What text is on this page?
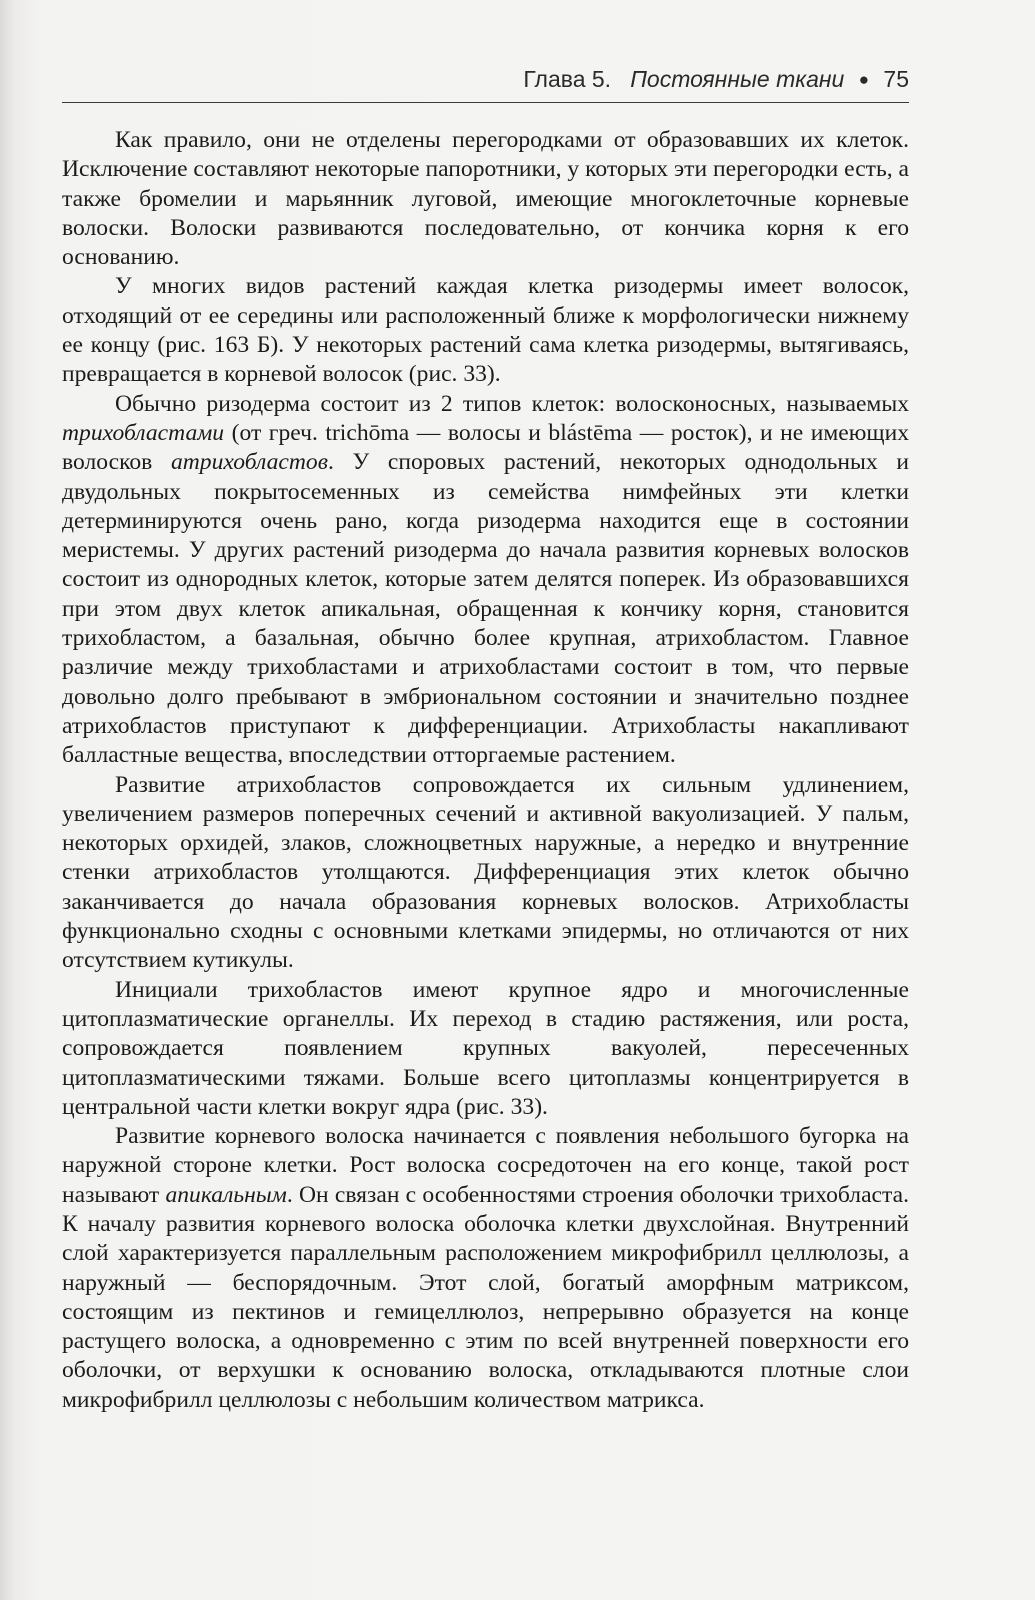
Глава 5. Постоянные ткани ● 75

Как правило, они не отделены перегородками от образовавших их клеток. Исключение составляют некоторые папоротники, у которых эти перегородки есть, а также бромелии и марьянник луговой, имеющие многоклеточные корневые волоски. Волоски развиваются последовательно, от кончика корня к его основанию.

У многих видов растений каждая клетка ризодермы имеет волосок, отходящий от ее середины или расположенный ближе к морфологически нижнему ее концу (рис. 163 Б). У некоторых растений сама клетка ризодермы, вытягиваясь, превращается в корневой волосок (рис. 33).

Обычно ризодерма состоит из 2 типов клеток: волосконосных, называемых трихобластами (от греч. trichōma — волосы и blástēma — росток), и не имеющих волосков атрихобластов. У споровых растений, некоторых однодольных и двудольных покрытосеменных из семейства нимфейных эти клетки детерминируются очень рано, когда ризодерма находится еще в состоянии меристемы. У других растений ризодерма до начала развития корневых волосков состоит из однородных клеток, которые затем делятся поперек. Из образовавшихся при этом двух клеток апикальная, обращенная к кончику корня, становится трихобластом, а базальная, обычно более крупная, атрихобластом. Главное различие между трихобластами и атрихобластами состоит в том, что первые довольно долго пребывают в эмбриональном состоянии и значительно позднее атрихобластов приступают к дифференциации. Атрихобласты накапливают балластные вещества, впоследствии отторгаемые растением.

Развитие атрихобластов сопровождается их сильным удлинением, увеличением размеров поперечных сечений и активной вакуолизацией. У пальм, некоторых орхидей, злаков, сложноцветных наружные, а нередко и внутренние стенки атрихобластов утолщаются. Дифференциация этих клеток обычно заканчивается до начала образования корневых волосков. Атрихобласты функционально сходны с основными клетками эпидермы, но отличаются от них отсутствием кутикулы.

Инициали трихобластов имеют крупное ядро и многочисленные цитоплазматические органеллы. Их переход в стадию растяжения, или роста, сопровождается появлением крупных вакуолей, пересеченных цитоплазматическими тяжами. Больше всего цитоплазмы концентрируется в центральной части клетки вокруг ядра (рис. 33).

Развитие корневого волоска начинается с появления небольшого бугорка на наружной стороне клетки. Рост волоска сосредоточен на его конце, такой рост называют апикальным. Он связан с особенностями строения оболочки трихобласта. К началу развития корневого волоска оболочка клетки двухслойная. Внутренний слой характеризуется параллельным расположением микрофибрилл целлюлозы, а наружный — беспорядочным. Этот слой, богатый аморфным матриксом, состоящим из пектинов и гемицеллюлоз, непрерывно образуется на конце растущего волоска, а одновременно с этим по всей внутренней поверхности его оболочки, от верхушки к основанию волоска, откладываются плотные слои микрофибрилл целлюлозы с небольшим количеством матрикса.
